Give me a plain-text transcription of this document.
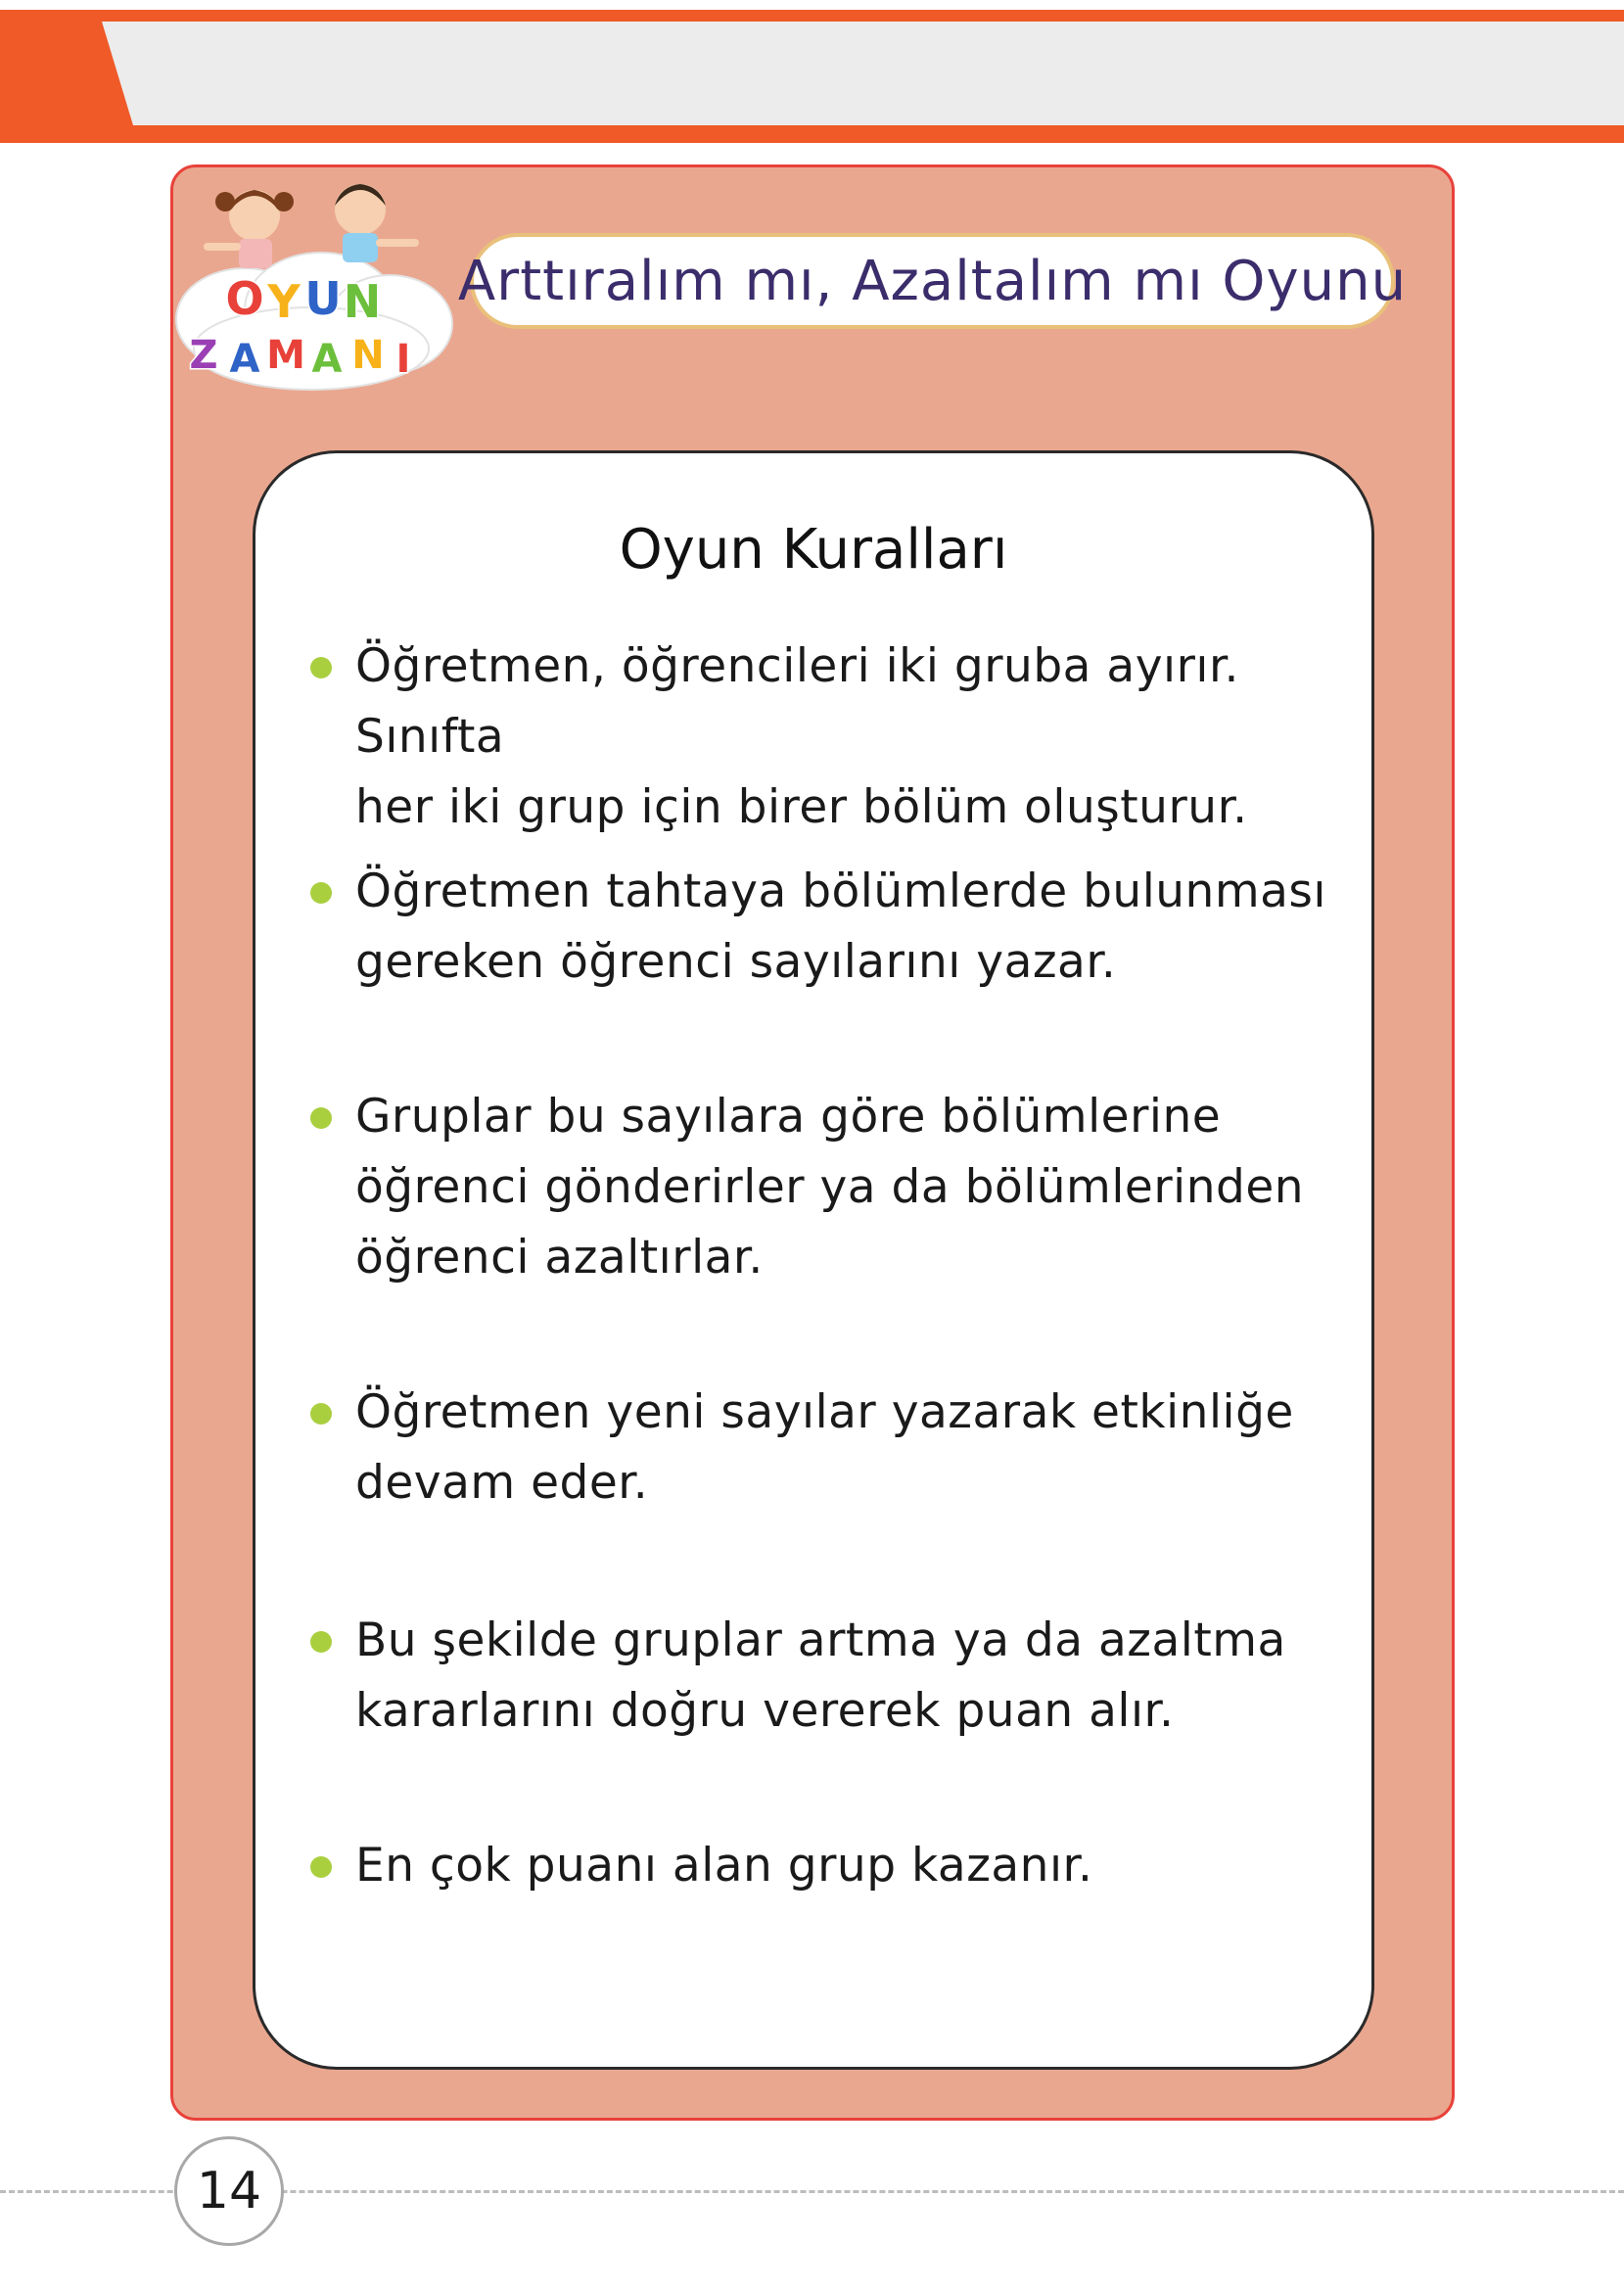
O Y U N
Z A M A N I
Arttıralım mı, Azaltalım mı Oyunu
Oyun Kuralları
Öğretmen, öğrencileri iki gruba ayırır. Sınıfta
her iki grup için birer bölüm oluşturur.
Öğretmen tahtaya bölümlerde bulunması
gereken öğrenci sayılarını yazar.
Gruplar bu sayılara göre bölümlerine
öğrenci gönderirler ya da bölümlerinden
öğrenci azaltırlar.
Öğretmen yeni sayılar yazarak etkinliğe
devam eder.
Bu şekilde gruplar artma ya da azaltma
kararlarını doğru vererek puan alır.
En çok puanı alan grup kazanır.
14
